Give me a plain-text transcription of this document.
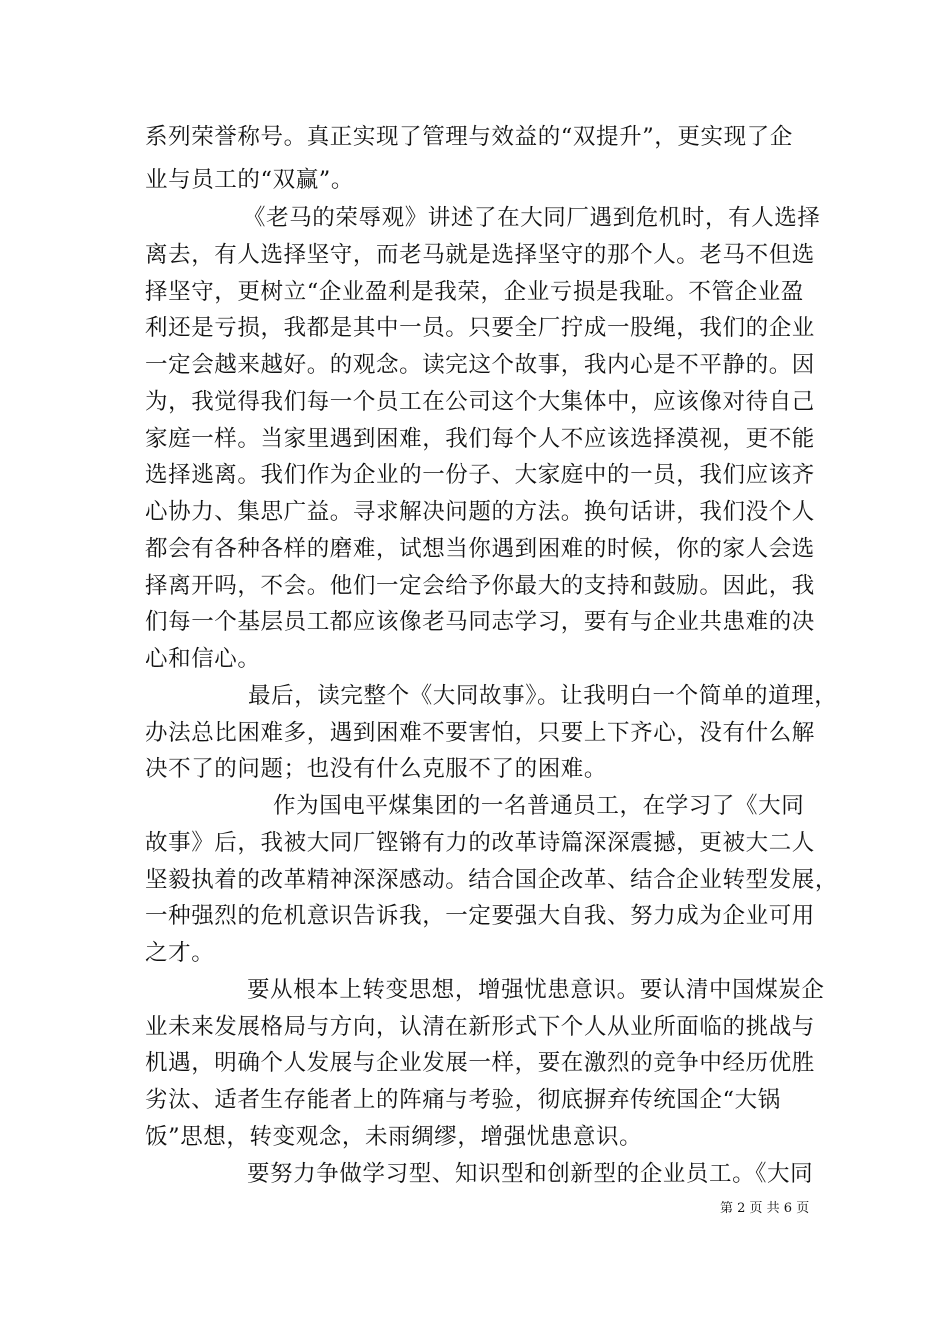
系列荣誉称号。真正实现了管理与效益的“双提升”，更实现了企
业与员工的“双赢”。
《老马的荣辱观》讲述了在大同厂遇到危机时，有人选择
离去，有人选择坚守，而老马就是选择坚守的那个人。老马不但选
择坚守，更树立“企业盈利是我荣，企业亏损是我耻。不管企业盈
利还是亏损，我都是其中一员。只要全厂拧成一股绳，我们的企业
一定会越来越好。的观念。读完这个故事，我内心是不平静的。因
为，我觉得我们每一个员工在公司这个大集体中，应该像对待自己
家庭一样。当家里遇到困难，我们每个人不应该选择漠视，更不能
选择逃离。我们作为企业的一份子、大家庭中的一员，我们应该齐
心协力、集思广益。寻求解决问题的方法。换句话讲，我们没个人
都会有各种各样的磨难，试想当你遇到困难的时候，你的家人会选
择离开吗，不会。他们一定会给予你最大的支持和鼓励。因此，我
们每一个基层员工都应该像老马同志学习，要有与企业共患难的决
心和信心。
最后，读完整个《大同故事》。让我明白一个简单的道理，
办法总比困难多，遇到困难不要害怕，只要上下齐心，没有什么解
决不了的问题；也没有什么克服不了的困难。
作为国电平煤集团的一名普通员工，在学习了《大同
故事》后，我被大同厂铿锵有力的改革诗篇深深震撼，更被大二人
坚毅执着的改革精神深深感动。结合国企改革、结合企业转型发展，
一种强烈的危机意识告诉我，一定要强大自我、努力成为企业可用
之才。
要从根本上转变思想，增强忧患意识。要认清中国煤炭企
业未来发展格局与方向，认清在新形式下个人从业所面临的挑战与
机遇，明确个人发展与企业发展一样，要在激烈的竞争中经历优胜
劣汰、适者生存能者上的阵痛与考验，彻底摒弃传统国企“大锅
饭”思想，转变观念，未雨绸缪，增强忧患意识。
要努力争做学习型、知识型和创新型的企业员工。《大同
第 2 页 共 6 页
